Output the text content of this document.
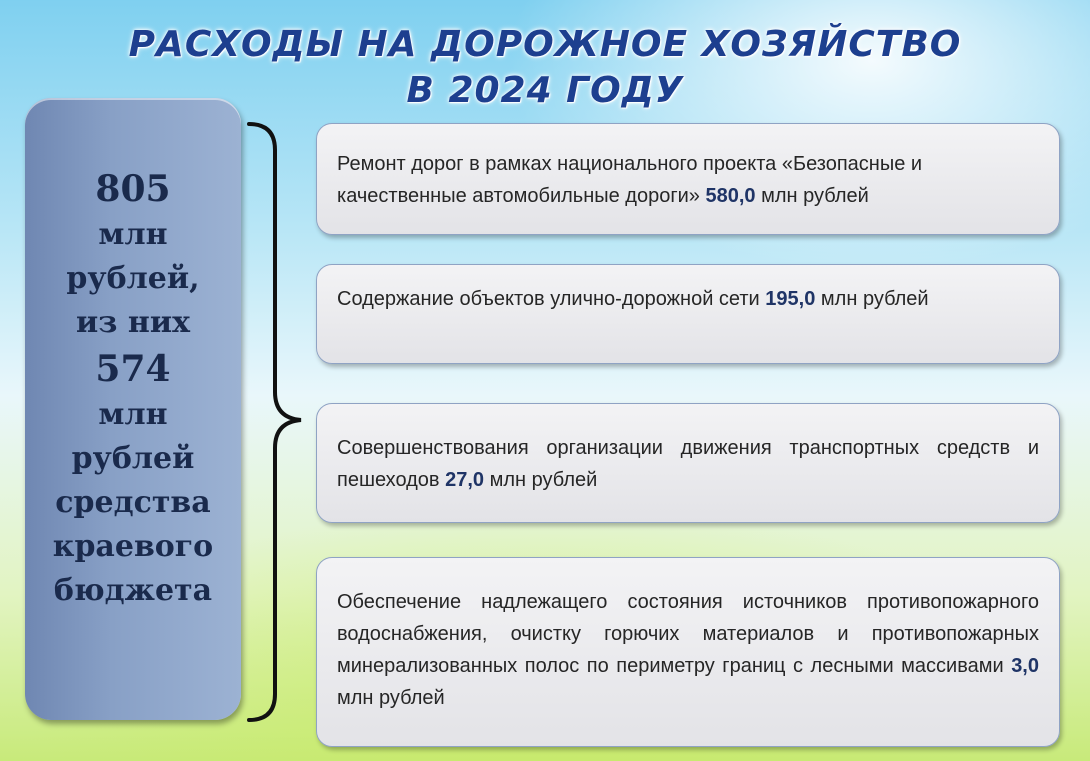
РАСХОДЫ НА ДОРОЖНОЕ ХОЗЯЙСТВО
В 2024 ГОДУ
805
млн
рублей,
из них
574
млн
рублей
средства
краевого
бюджета
Ремонт дорог в рамках национального проекта «Безопасные и качественные автомобильные дороги» 580,0 млн рублей
Содержание объектов улично-дорожной сети 195,0 млн рублей
Совершенствования организации движения транспортных средств и пешеходов 27,0 млн рублей
Обеспечение надлежащего состояния источников противопожарного водоснабжения, очистку горючих материалов и противопожарных минерализованных полос по периметру границ с лесными массивами 3,0 млн рублей
